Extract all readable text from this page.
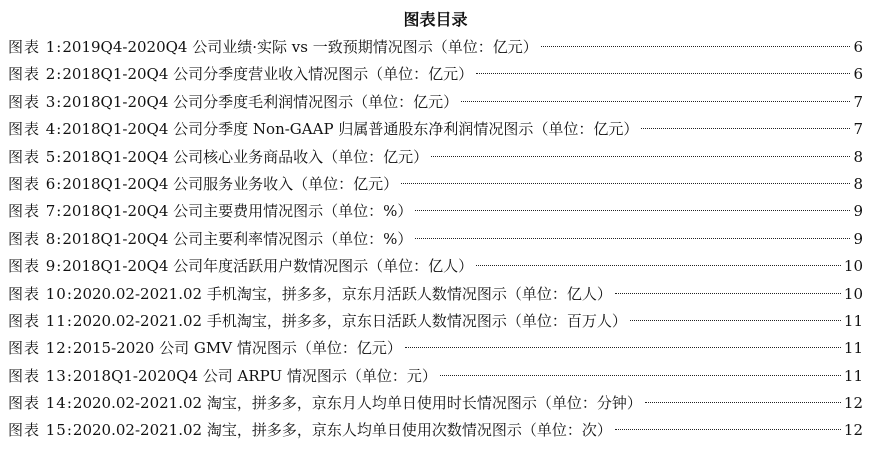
图表目录
图表 1: 2019Q4-2020Q4 公司业绩·实际 vs 一致预期情况图示（单位：亿元）	6
图表 2: 2018Q1-20Q4 公司分季度营业收入情况图示（单位：亿元）	6
图表 3: 2018Q1-20Q4 公司分季度毛利润情况图示（单位：亿元）	7
图表 4: 2018Q1-20Q4 公司分季度 Non-GAAP 归属普通股东净利润情况图示（单位：亿元）	7
图表 5: 2018Q1-20Q4 公司核心业务商品收入（单位：亿元）	8
图表 6: 2018Q1-20Q4 公司服务业务收入（单位：亿元）	8
图表 7: 2018Q1-20Q4 公司主要费用情况图示（单位：%）	9
图表 8: 2018Q1-20Q4 公司主要利率情况图示（单位：%）	9
图表 9: 2018Q1-20Q4 公司年度活跃用户数情况图示（单位：亿人）	10
图表 10: 2020.02-2021.02 手机淘宝，拼多多，京东月活跃人数情况图示（单位：亿人）	10
图表 11: 2020.02-2021.02 手机淘宝，拼多多，京东日活跃人数情况图示（单位：百万人）	11
图表 12: 2015-2020 公司 GMV 情况图示（单位：亿元）	11
图表 13: 2018Q1-2020Q4 公司 ARPU 情况图示（单位：元）	11
图表 14: 2020.02-2021.02 淘宝，拼多多，京东月人均单日使用时长情况图示（单位：分钟）	12
图表 15: 2020.02-2021.02 淘宝，拼多多，京东人均单日使用次数情况图示（单位：次）	12
